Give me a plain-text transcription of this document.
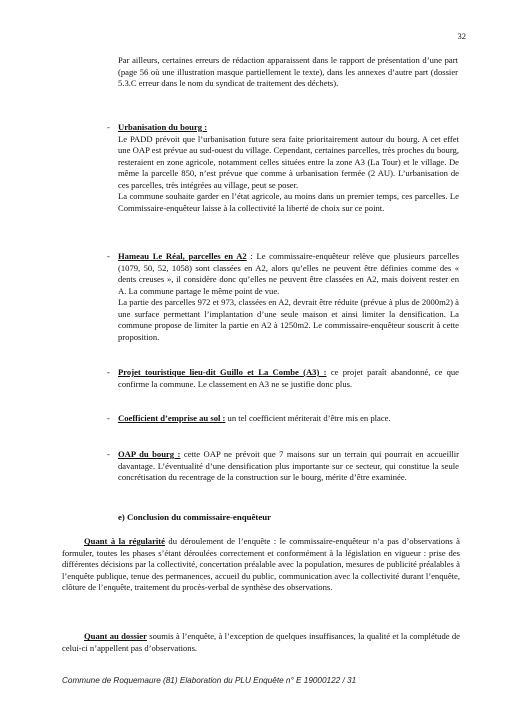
32
Par ailleurs, certaines erreurs de rédaction apparaissent dans le rapport de présentation d’une part (page 56 où une illustration masque partiellement le texte), dans les annexes d’autre part (dossier 5.3.C erreur dans le nom du syndicat de traitement des déchets).
- Urbanisation du bourg :

Le PADD prévoit que l’urbanisation future sera faite prioritairement autour du bourg. A cet effet une OAP est prévue au sud-ouest du village. Cependant, certaines parcelles, très proches du bourg, resteraient en zone agricole, notamment celles situées entre la zone A3 (La Tour) et le village. De même la parcelle 850, n’est prévue que comme à urbanisation fermée (2 AU). L’urbanisation de ces parcelles, très intégrées au village, peut se poser.

La commune souhaite garder en l’état agricole, au moins dans un premier temps, ces parcelles. Le Commissaire-enquêteur laisse à la collectivité la liberté de choix sur ce point.

- Hameau Le Réal, parcelles en A2 : Le commissaire-enquêteur relève que plusieurs parcelles (1079, 50, 52, 1058) sont classées en A2, alors qu’elles ne peuvent être définies comme des « dents creuses », il considère donc qu’elles ne peuvent être classées en A2, mais doivent rester en A. La commune partage le même point de vue.

La partie des parcelles 972 et 973, classées en A2, devrait être réduite (prévue à plus de 2000m2) à une surface permettant l’implantation d’une seule maison et ainsi limiter la densification. La commune propose de limiter la partie en A2 à 1250m2. Le commissaire-enquêteur souscrit à cette proposition.

- Projet touristique lieu-dit Guillo et La Combe (A3) : ce projet paraît abandonné, ce que confirme la commune. Le classement en A3 ne se justifie donc plus.

- Coefficient d’emprise au sol : un tel coefficient mériterait d’être mis en place.

- OAP du bourg : cette OAP ne prévoit que 7 maisons sur un terrain qui pourrait en accueillir davantage. L’éventualité d’une densification plus importante sur ce secteur, qui constitue la seule concrétisation du recentrage de la construction sur le bourg, mérite d’être examinée.

e) Conclusion du commissaire-enquêteur
Quant à la régularité du déroulement de l’enquête : le commissaire-enquêteur n’a pas d’observations à formuler, toutes les phases s’étant déroulées correctement et conformément à la législation en vigueur : prise des différentes décisions par la collectivité, concertation préalable avec la population, mesures de publicité préalables à l’enquête publique, tenue des permanences, accueil du public, communication avec la collectivité durant l’enquête, clôture de l’enquête, traitement du procès-verbal de synthèse des observations.
Quant au dossier soumis à l’enquête, à l’exception de quelques insuffisances, la qualité et la complétude de celui-ci n’appellent pas d’observations.
Commune de Roquemaure (81) Elaboration du PLU Enquête n° E 19000122 / 31
